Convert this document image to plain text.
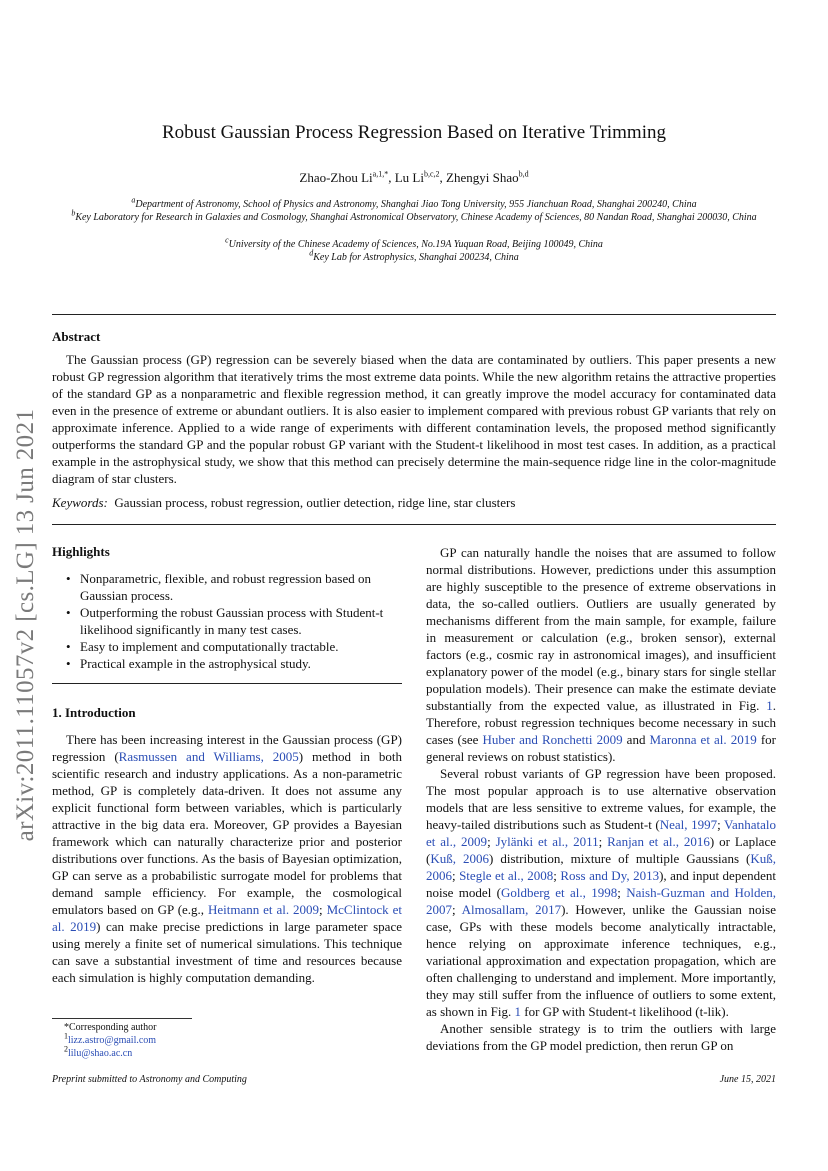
arXiv:2011.11057v2 [cs.LG] 13 Jun 2021
Robust Gaussian Process Regression Based on Iterative Trimming
Zhao-Zhou $Li^{a,1,*}$, Lu Li$^{b,c,2}$, Zhengyi Shao$^{b,d}$
$^a$Department of Astronomy, School of Physics and Astronomy, Shanghai Jiao Tong University, 955 Jianchuan Road, Shanghai 200240, China
$^b$Key Laboratory for Research in Galaxies and Cosmology, Shanghai Astronomical Observatory, Chinese Academy of Sciences, 80 Nandan Road, Shanghai 200030, China
$^c$University of the Chinese Academy of Sciences, No.19A Yuquan Road, Beijing 100049, China
$^d$Key Lab for Astrophysics, Shanghai 200234, China
Abstract

The Gaussian process (GP) regression can be severely biased when the data are contaminated by outliers. This paper presents a new robust GP regression algorithm that iteratively trims the most extreme data points. While the new algorithm retains the attractive properties of the standard GP as a nonparametric and flexible regression method, it can greatly improve the model accuracy for contaminated data even in the presence of extreme or abundant outliers. It is also easier to implement compared with previous robust GP variants that rely on approximate inference. Applied to a wide range of experiments with different contamination levels, the proposed method significantly outperforms the standard GP and the popular robust GP variant with the Student-t likelihood in most test cases. In addition, as a practical example in the astrophysical study, we show that this method can precisely determine the main-sequence ridge line in the color-magnitude diagram of star clusters.

Keywords: Gaussian process, robust regression, outlier detection, ridge line, star clusters
Highlights
• Nonparametric, flexible, and robust regression based on Gaussian process.
• Outperforming the robust Gaussian process with Student-t likelihood significantly in many test cases.
• Easy to implement and computationally tractable.
• Practical example in the astrophysical study.
1. Introduction

There has been increasing interest in the Gaussian process (GP) regression (Rasmussen and Williams, 2005) method in both scientific research and industry applications. As a non-parametric method, GP is completely data-driven. It does not assume any explicit functional form between variables, which is particularly attractive in the big data era. Moreover, GP provides a Bayesian framework which can naturally characterize prior and posterior distributions over functions. As the basis of Bayesian optimization, GP can serve as a probabilistic surrogate model for problems that demand sample efficiency. For example, the cosmological emulators based on GP (e.g., Heitmann et al. 2009; McClintock et al. 2019) can make precise predictions in large parameter space using merely a finite set of numerical simulations. This technique can save a substantial investment of time and resources because each simulation is highly computation demanding.

GP can naturally handle the noises that are assumed to follow normal distributions. However, predictions under this assumption are highly susceptible to the presence of extreme observations in data, the so-called outliers. Outliers are usually generated by mechanisms different from the main sample, for example, failure in measurement or calculation (e.g., broken sensor), external factors (e.g., cosmic ray in astronomical images), and insufficient explanatory power of the model (e.g., binary stars for single stellar population models). Their presence can make the estimate deviate substantially from the expected value, as illustrated in Fig. 1. Therefore, robust regression techniques become necessary in such cases (see Huber and Ronchetti 2009 and Maronna et al. 2019 for general reviews on robust statistics).

Several robust variants of GP regression have been proposed. The most popular approach is to use alternative observation models that are less sensitive to extreme values, for example, the heavy-tailed distributions such as Student-t (Neal, 1997; Vanhatalo et al., 2009; Jylänki et al., 2011; Ranjan et al., 2016) or Laplace (Kuß, 2006) distribution, mixture of multiple Gaussians (Kuß, 2006; Stegle et al., 2008; Ross and Dy, 2013), and input dependent noise model (Goldberg et al., 1998; Naish-Guzman and Holden, 2007; Almosallam, 2017). However, unlike the Gaussian noise case, GPs with these models become analytically intractable, hence relying on approximate inference techniques, e.g., variational approximation and expectation propagation, which are often challenging to understand and implement. More importantly, they may still suffer from the influence of outliers to some extent, as shown in Fig. 1 for GP with Student-t likelihood (t-lik).

Another sensible strategy is to trim the outliers with large deviations from the GP model prediction, then rerun GP on

*Corresponding author
$^1$lizz.astro@gmail.com
$^2$lilu@shao.ac.cn
Preprint submitted to Astronomy and Computing	June 15, 2021
